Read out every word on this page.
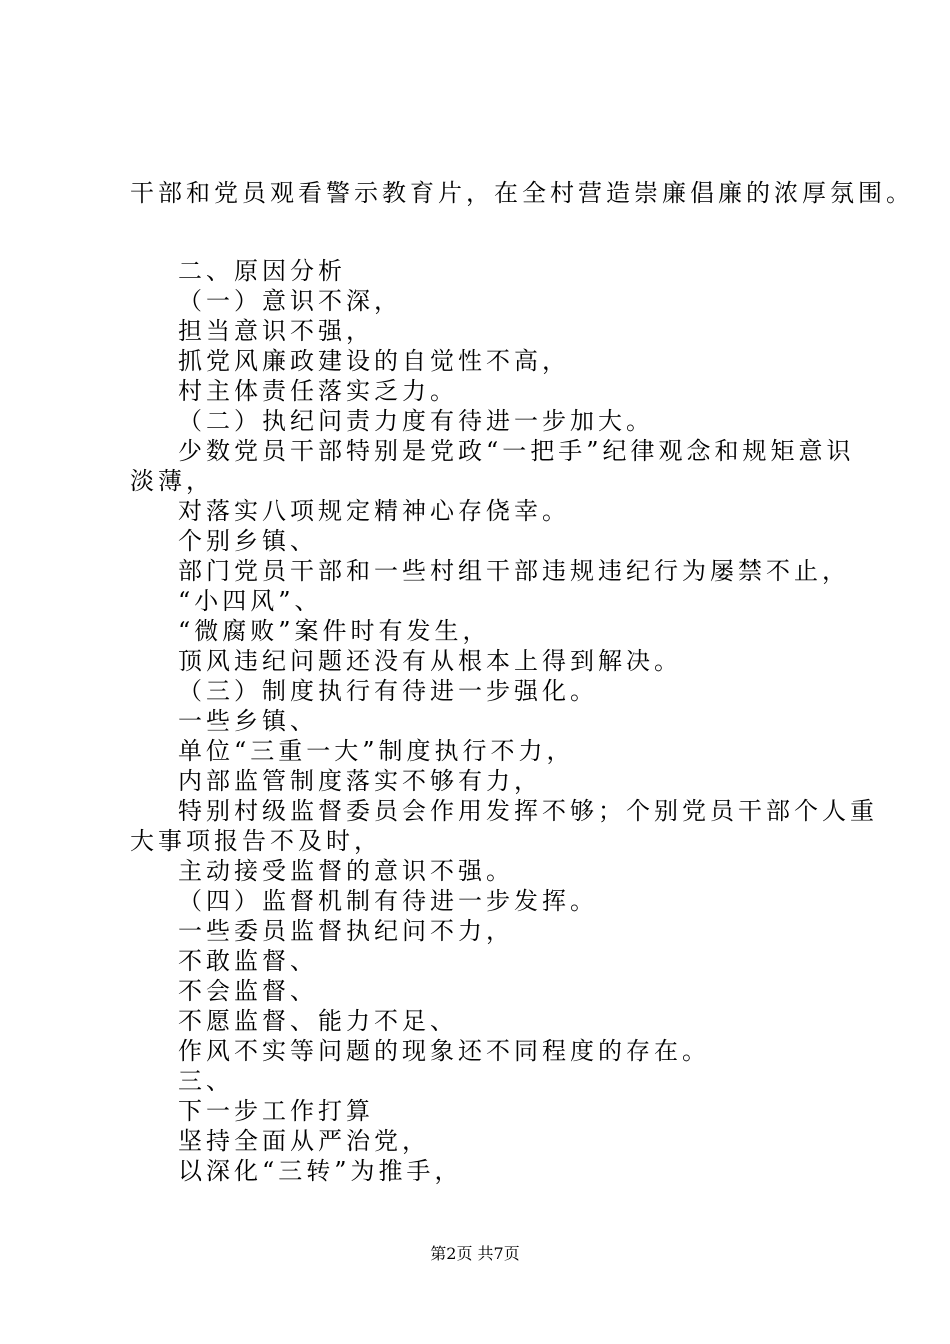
干部和党员观看警示教育片，在全村营造崇廉倡廉的浓厚氛围。
二、原因分析
（一）意识不深，
担当意识不强，
抓党风廉政建设的自觉性不高，
村主体责任落实乏力。
（二）执纪问责力度有待进一步加大。
少数党员干部特别是党政“一把手”纪律观念和规矩意识
淡薄，
对落实八项规定精神心存侥幸。
个别乡镇、
部门党员干部和一些村组干部违规违纪行为屡禁不止，
“小四风”、
“微腐败”案件时有发生，
顶风违纪问题还没有从根本上得到解决。
（三）制度执行有待进一步强化。
一些乡镇、
单位“三重一大”制度执行不力，
内部监管制度落实不够有力，
特别村级监督委员会作用发挥不够；个别党员干部个人重
大事项报告不及时，
主动接受监督的意识不强。
（四）监督机制有待进一步发挥。
一些委员监督执纪问不力，
不敢监督、
不会监督、
不愿监督、能力不足、
作风不实等问题的现象还不同程度的存在。
三、
下一步工作打算
坚持全面从严治党，
以深化“三转”为推手，
第2页 共7页
